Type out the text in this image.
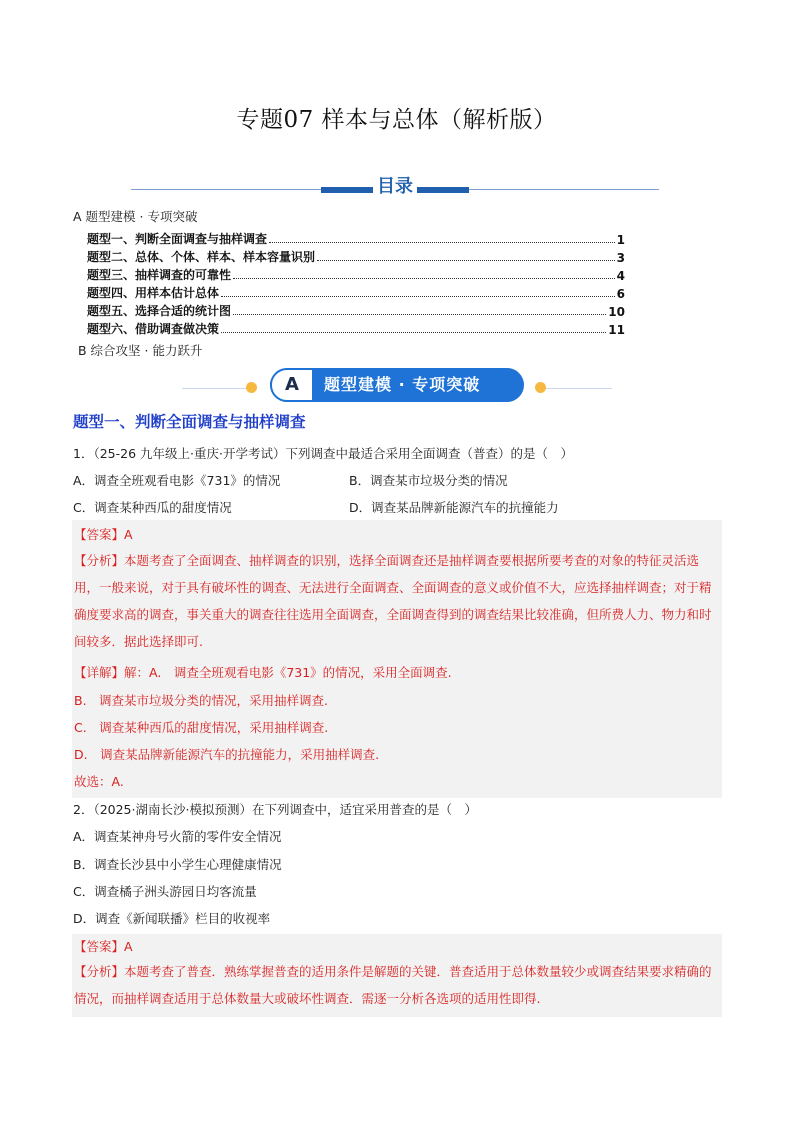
专题07 样本与总体（解析版）
目录
A 题型建模 · 专项突破
题型一、判断全面调查与抽样调查	1
题型二、总体、个体、样本、样本容量识别	3
题型三、抽样调查的可靠性	4
题型四、用样本估计总体	6
题型五、选择合适的统计图	10
题型六、借助调查做决策	11
B 综合攻坚 · 能力跃升
A	题型建模 · 专项突破
题型一、判断全面调查与抽样调查
1．（25-26 九年级上·重庆·开学考试）下列调查中最适合采用全面调查（普查）的是（　）
A．调查全班观看电影《731》的情况	B．调查某市垃圾分类的情况
C．调查某种西瓜的甜度情况	D．调查某品牌新能源汽车的抗撞能力
【答案】A
【分析】本题考查了全面调查、抽样调查的识别，选择全面调查还是抽样调查要根据所要考查的对象的特征灵活选用，一般来说，对于具有破坏性的调查、无法进行全面调查、全面调查的意义或价值不大，应选择抽样调查；对于精确度要求高的调查，事关重大的调查往往选用全面调查，全面调查得到的调查结果比较准确，但所费人力、物力和时间较多．据此选择即可.
【详解】解：A.　调查全班观看电影《731》的情况，采用全面调查.
B.　调查某市垃圾分类的情况，采用抽样调查.
C.　调查某种西瓜的甜度情况，采用抽样调查.
D.　调查某品牌新能源汽车的抗撞能力，采用抽样调查.
故选：A.
2．（2025·湖南长沙·模拟预测）在下列调查中，适宜采用普查的是（　）
A．调查某神舟号火箭的零件安全情况
B．调查长沙县中小学生心理健康情况
C．调查橘子洲头游园日均客流量
D．调查《新闻联播》栏目的收视率
【答案】A
【分析】本题考查了普查．熟练掌握普查的适用条件是解题的关键．普查适用于总体数量较少或调查结果要求精确的情况，而抽样调查适用于总体数量大或破坏性调查．需逐一分析各选项的适用性即得.
